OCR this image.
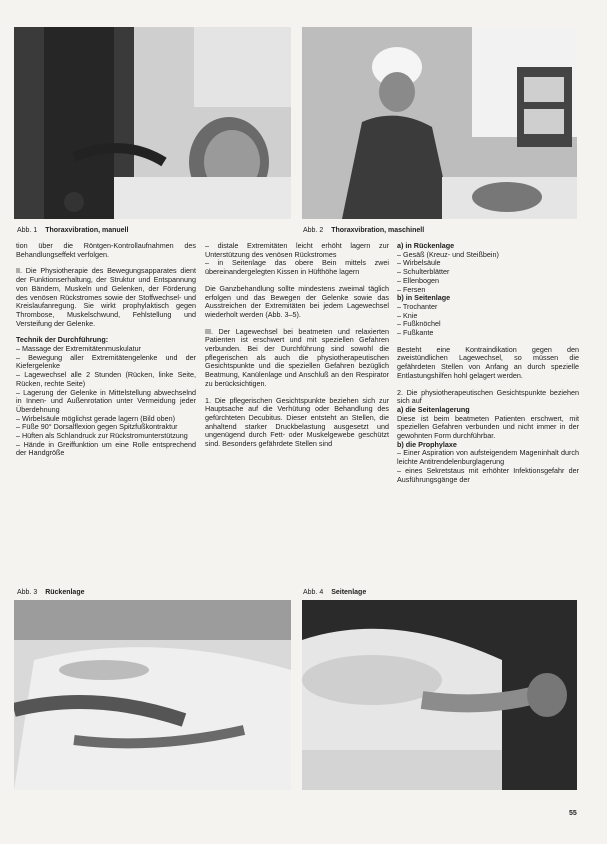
Abb. 1 Thoraxvibration, manuell	Abb. 2 Thoraxvibration, maschinell

tion über die Röntgen-Kontrollaufnahmen des Behandlungseffekt verfolgen.

II. Die Physiotherapie des Bewegungsapparates dient der Funktionserhaltung, der Struktur und Entspannung von Bändern, Muskeln und Gelenken, der Förderung des venösen Rückstromes sowie der Stoffwechsel- und Kreislaufanregung. Sie wirkt prophylaktisch gegen Thrombose, Muskelschwund, Fehlstellung und Versteifung der Gelenke.

Technik der Durchführung:

– Massage der Extremitätenmuskulatur

– Bewegung aller Extremitätengelenke und der Kiefergelenke

– Lagewechsel alle 2 Stunden (Rücken, linke Seite, Rücken, rechte Seite)

– Lagerung der Gelenke in Mittelstellung abwechselnd in Innen- und Außenrotation unter Vermeidung jeder Überdehnung

– Wirbelsäule möglichst gerade lagern (Bild oben)

– Füße 90° Dorsalflexion gegen Spitzfußkontraktur

– Hüften als Schlandruck zur Rückstromunterstützung

– Hände in Greiffunktion um eine Rolle entsprechend der Handgröße

– distale Extremitäten leicht erhöht lagern zur Unterstützung des venösen Rückstromes

– in Seitenlage das obere Bein mittels zwei übereinandergelegten Kissen in Hüfthöhe lagern

Die Ganzbehandlung sollte mindestens zweimal täglich erfolgen und das Bewegen der Gelenke sowie das Ausstreichen der Extremitäten bei jedem Lagewechsel wiederholt werden (Abb. 3–5).

III. Der Lagewechsel bei beatmeten und relaxierten Patienten ist erschwert und mit speziellen Gefahren verbunden. Bei der Durchführung sind sowohl die pflegerischen als auch die physiotherapeutischen Gesichtspunkte und die speziellen Gefahren bezüglich Beatmung, Kanülenlage und Anschluß an den Respirator zu berücksichtigen.

1. Die pflegerischen Gesichtspunkte beziehen sich zur Hauptsache auf die Verhütung oder Behandlung des gefürchteten Decubitus. Dieser entsteht an Stellen, die anhaltend starker Druckbelastung ausgesetzt und ungenügend durch Fett- oder Muskelgewebe geschützt sind. Besonders gefährdete Stellen sind

a) in Rückenlage

– Gesäß (Kreuz- und Steißbein)

– Wirbelsäule

– Schulterblätter

– Ellenbogen

– Fersen

b) in Seitenlage

– Trochanter

– Knie

– Fußknöchel

– Fußkante

Besteht eine Kontraindikation gegen den zweistündlichen Lagewechsel, so müssen die gefährdeten Stellen von Anfang an durch spezielle Entlastungshilfen hohl gelagert werden.

2. Die physiotherapeutischen Gesichtspunkte beziehen sich auf

a) die Seitenlagerung

Diese ist beim beatmeten Patienten erschwert, mit speziellen Gefahren verbunden und nicht immer in der gewohnten Form durchführbar.

b) die Prophylaxe

– Einer Aspiration von aufsteigendem Mageninhalt durch leichte Antitrendelenburglagerung

– eines Sekretstaus mit erhöhter Infektionsgefahr der Ausführungsgänge der

Abb. 3 Rückenlage	Abb. 4 Seitenlage
55
